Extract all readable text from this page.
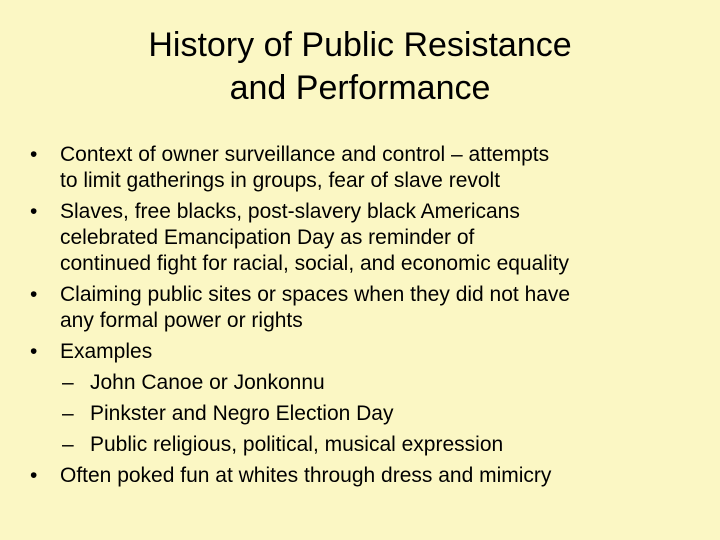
History of Public Resistance
and Performance
• Context of owner surveillance and control – attempts
to limit gatherings in groups, fear of slave revolt
• Slaves, free blacks, post-slavery black Americans
celebrated Emancipation Day as reminder of
continued fight for racial, social, and economic equality
• Claiming public sites or spaces when they did not have
any formal power or rights
• Examples
– John Canoe or Jonkonnu
– Pinkster and Negro Election Day
– Public religious, political, musical expression
• Often poked fun at whites through dress and mimicry
